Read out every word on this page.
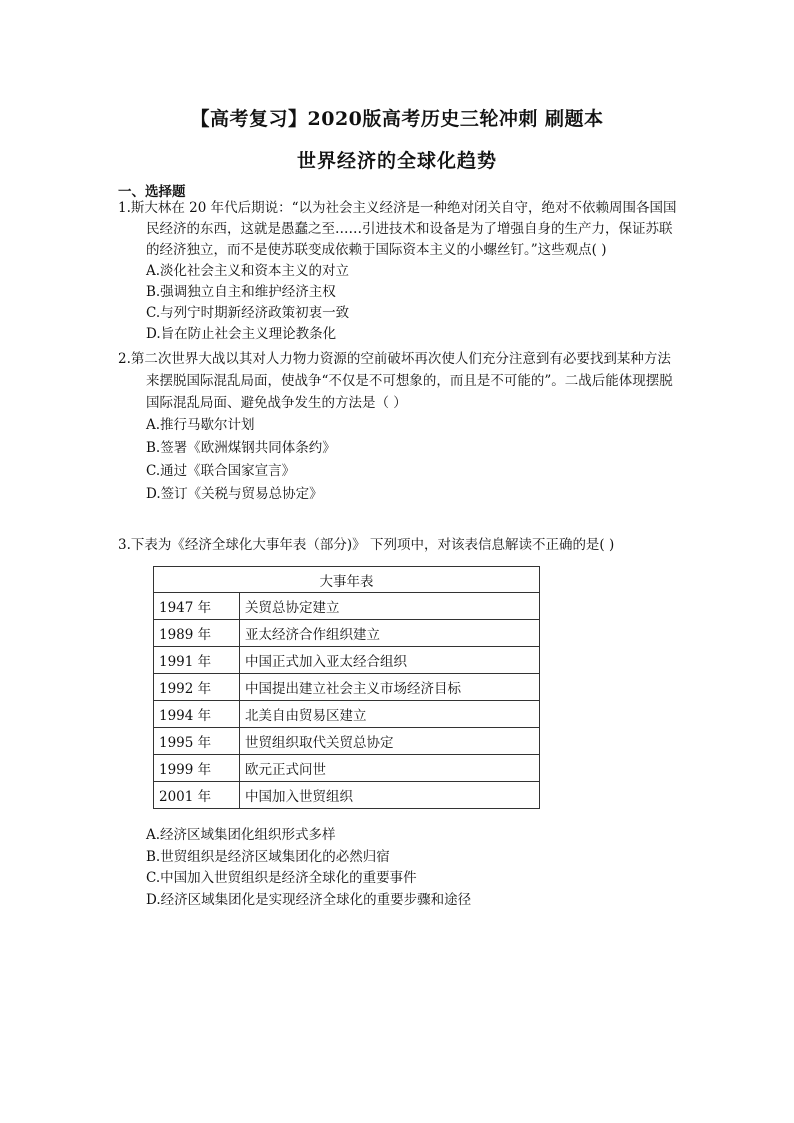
【高考复习】2020版高考历史三轮冲刺 刷题本
世界经济的全球化趋势
一、选择题

1.斯大林在 20 年代后期说：“以为社会主义经济是一种绝对闭关自守，绝对不依赖周围各国国民经济的东西，这就是愚蠢之至……引进技术和设备是为了增强自身的生产力，保证苏联的经济独立，而不是使苏联变成依赖于国际资本主义的小螺丝钉。”这些观点( )

A.淡化社会主义和资本主义的对立

B.强调独立自主和维护经济主权

C.与列宁时期新经济政策初衷一致

D.旨在防止社会主义理论教条化

2.第二次世界大战以其对人力物力资源的空前破坏再次使人们充分注意到有必要找到某种方法来摆脱国际混乱局面，使战争“不仅是不可想象的，而且是不可能的”。二战后能体现摆脱国际混乱局面、避免战争发生的方法是（ ）

A.推行马歇尔计划

B.签署《欧洲煤钢共同体条约》

C.通过《联合国家宣言》

D.签订《关税与贸易总协定》

3.下表为《经济全球化大事年表（部分)》 下列项中，对该表信息解读不正确的是( )

大事年表	
1947 年	关贸总协定建立
1989 年	亚太经济合作组织建立
1991 年	中国正式加入亚太经合组织
1992 年	中国提出建立社会主义市场经济目标
1994 年	北美自由贸易区建立
1995 年	世贸组织取代关贸总协定
1999 年	欧元正式问世
2001 年	中国加入世贸组织

A.经济区域集团化组织形式多样

B.世贸组织是经济区域集团化的必然归宿

C.中国加入世贸组织是经济全球化的重要事件

D.经济区域集团化是实现经济全球化的重要步骤和途径
